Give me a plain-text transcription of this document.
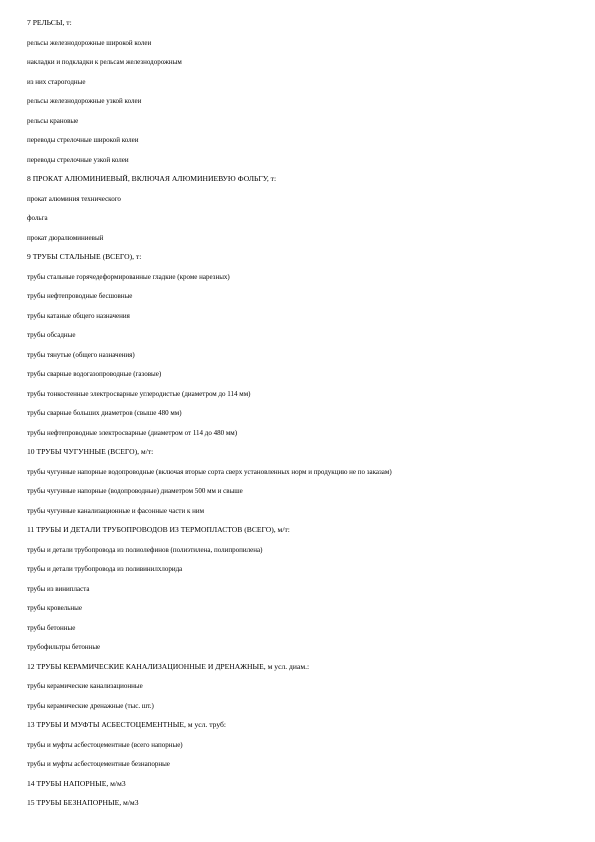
7 РЕЛЬСЫ, т:
рельсы железнодорожные широкой колеи
накладки и подкладки к рельсам железнодорожным
из них старогодные
рельсы железнодорожные узкой колеи
рельсы крановые
переводы стрелочные широкой колеи
переводы стрелочные узкой колеи
8 ПРОКАТ АЛЮМИНИЕВЫЙ, ВКЛЮЧАЯ АЛЮМИНИЕВУЮ ФОЛЬГУ, т:
прокат алюминия технического
фольга
прокат дюралюминиевый
9 ТРУБЫ СТАЛЬНЫЕ (ВСЕГО), т:
трубы стальные горячедеформированные гладкие (кроме нарезных)
трубы нефтепроводные бесшовные
трубы катаные общего назначения
трубы обсадные
трубы тянутые (общего назначения)
трубы сварные водогазопроводные (газовые)
трубы тонкостенные электросварные углеродистые (диаметром до 114 мм)
трубы сварные больших диаметров (свыше 480 мм)
трубы нефтепроводные электросварные (диаметром от 114 до 480 мм)
10 ТРУБЫ ЧУГУННЫЕ (ВСЕГО), м/т:
трубы чугунные напорные водопроводные (включая вторые сорта сверх установленных норм и продукцию не по заказам)
трубы чугунные напорные (водопроводные) диаметром 500 мм и свыше
трубы чугунные канализационные и фасонные части к ним
11 ТРУБЫ И ДЕТАЛИ ТРУБОПРОВОДОВ ИЗ ТЕРМОПЛАСТОВ (ВСЕГО), м/т:
трубы и детали трубопровода из полиолефинов (полиэтилена, полипропилена)
трубы и детали трубопровода из поливинилхлорида
трубы из винипласта
трубы кровельные
трубы бетонные
трубофильтры бетонные
12 ТРУБЫ КЕРАМИЧЕСКИЕ КАНАЛИЗАЦИОННЫЕ И ДРЕНАЖНЫЕ, м усл. диам.:
трубы керамические канализационные
трубы керамические дренажные (тыс. шт.)
13 ТРУБЫ И МУФТЫ АСБЕСТОЦЕМЕНТНЫЕ, м усл. труб:
трубы и муфты асбестоцементные (всего напорные)
трубы и муфты асбестоцементные безнапорные
14 ТРУБЫ НАПОРНЫЕ, м/м3
15 ТРУБЫ БЕЗНАПОРНЫЕ, м/м3
